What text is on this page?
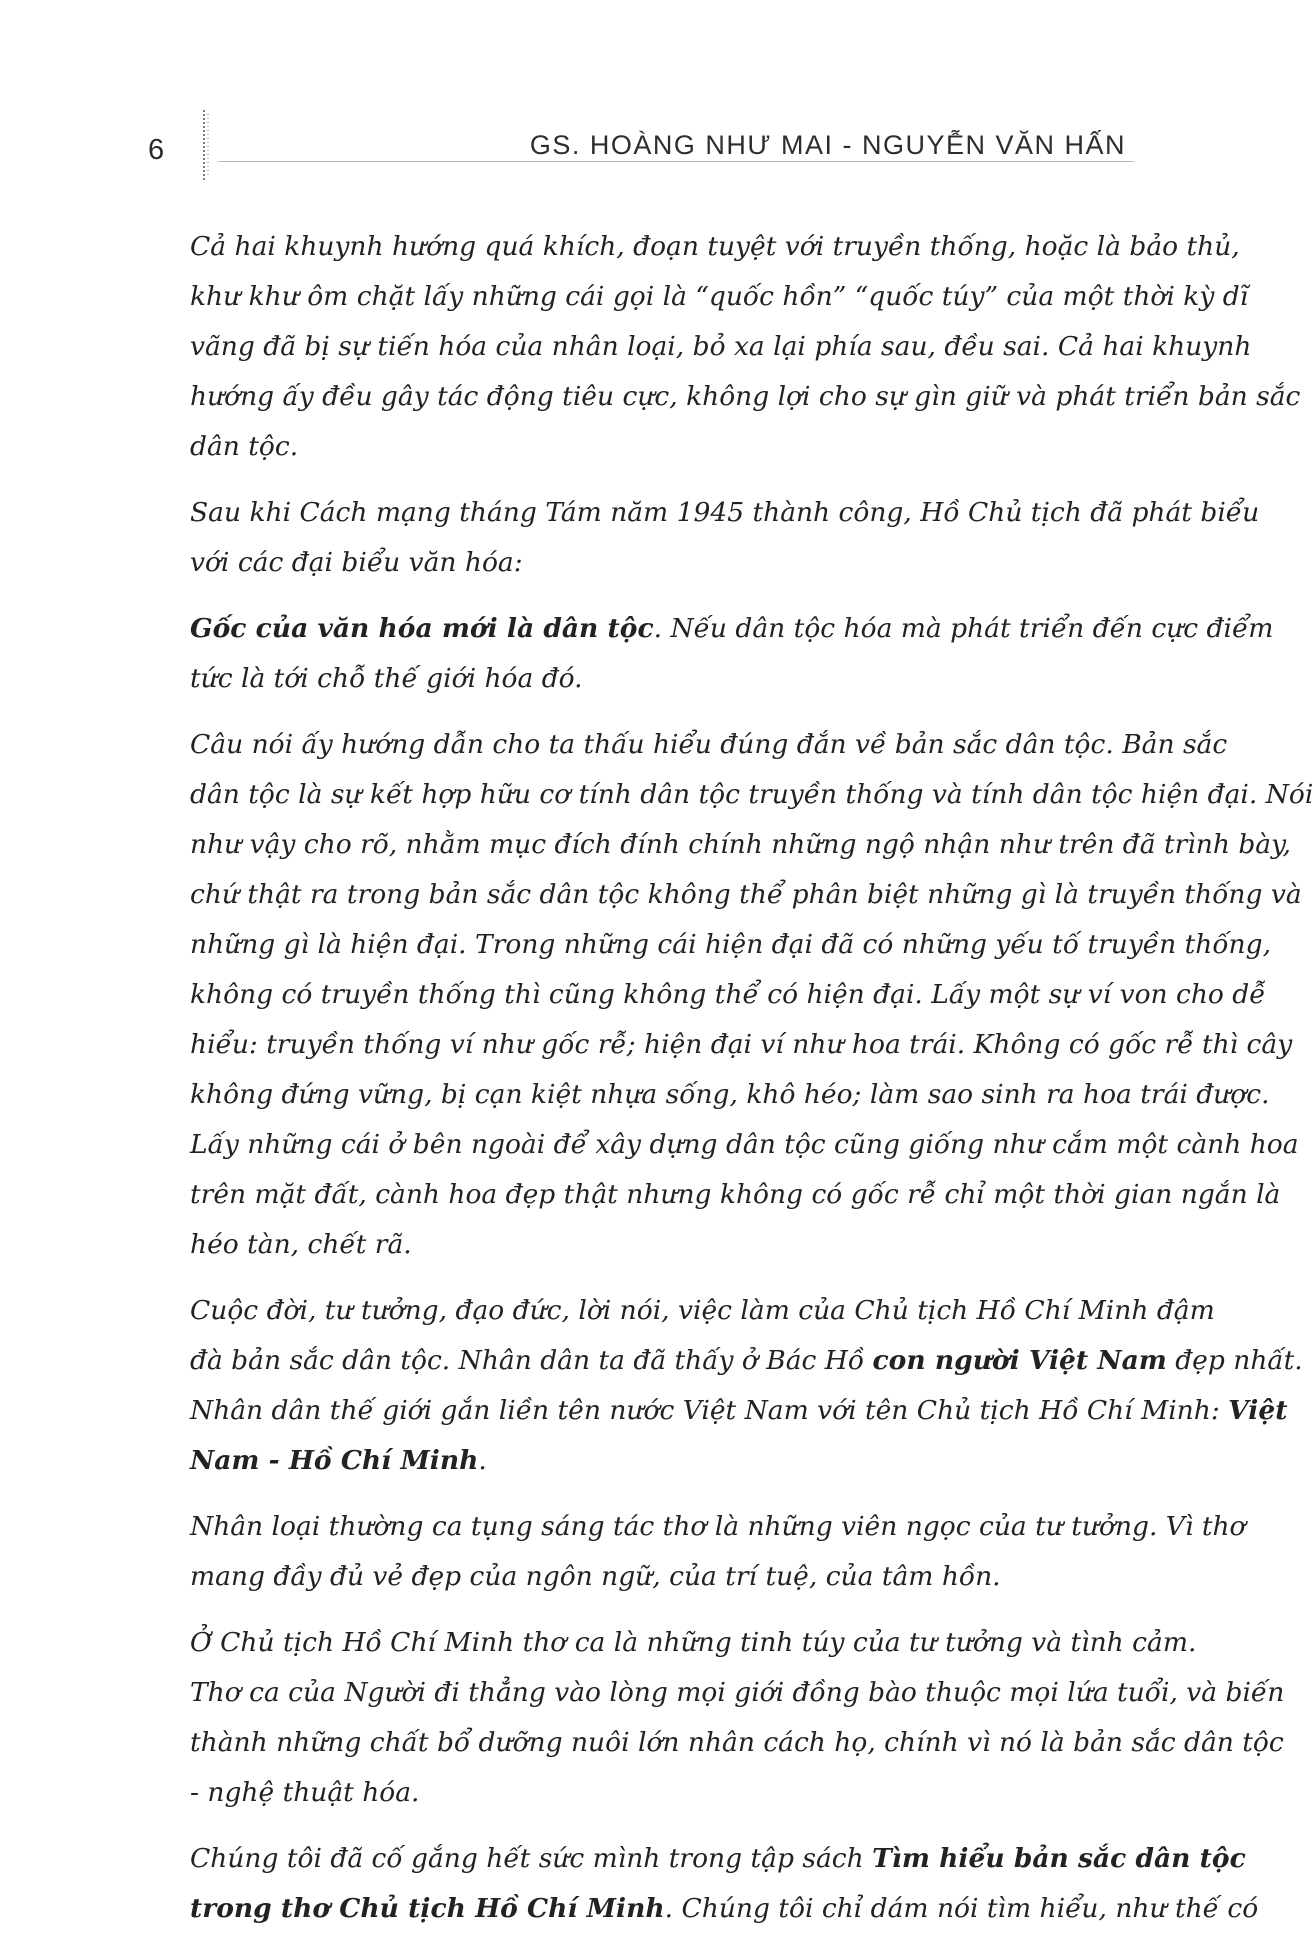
6	GS. HOÀNG NHƯ MAI - NGUYỄN VĂN HẤN

Cả hai khuynh hướng quá khích, đoạn tuyệt với truyền thống, hoặc là bảo thủ,
khư khư ôm chặt lấy những cái gọi là “quốc hồn” “quốc túy” của một thời kỳ dĩ
vãng đã bị sự tiến hóa của nhân loại, bỏ xa lại phía sau, đều sai. Cả hai khuynh
hướng ấy đều gây tác động tiêu cực, không lợi cho sự gìn giữ và phát triển bản sắc
dân tộc.

Sau khi Cách mạng tháng Tám năm 1945 thành công, Hồ Chủ tịch đã phát biểu
với các đại biểu văn hóa:

Gốc của văn hóa mới là dân tộc. Nếu dân tộc hóa mà phát triển đến cực điểm
tức là tới chỗ thế giới hóa đó.

Câu nói ấy hướng dẫn cho ta thấu hiểu đúng đắn về bản sắc dân tộc. Bản sắc
dân tộc là sự kết hợp hữu cơ tính dân tộc truyền thống và tính dân tộc hiện đại. Nói
như vậy cho rõ, nhằm mục đích đính chính những ngộ nhận như trên đã trình bày,
chứ thật ra trong bản sắc dân tộc không thể phân biệt những gì là truyền thống và
những gì là hiện đại. Trong những cái hiện đại đã có những yếu tố truyền thống,
không có truyền thống thì cũng không thể có hiện đại. Lấy một sự ví von cho dễ
hiểu: truyền thống ví như gốc rễ; hiện đại ví như hoa trái. Không có gốc rễ thì cây
không đứng vững, bị cạn kiệt nhựa sống, khô héo; làm sao sinh ra hoa trái được.
Lấy những cái ở bên ngoài để xây dựng dân tộc cũng giống như cắm một cành hoa
trên mặt đất, cành hoa đẹp thật nhưng không có gốc rễ chỉ một thời gian ngắn là
héo tàn, chết rã.

Cuộc đời, tư tưởng, đạo đức, lời nói, việc làm của Chủ tịch Hồ Chí Minh đậm
đà bản sắc dân tộc. Nhân dân ta đã thấy ở Bác Hồ con người Việt Nam đẹp nhất.
Nhân dân thế giới gắn liền tên nước Việt Nam với tên Chủ tịch Hồ Chí Minh: Việt
Nam - Hồ Chí Minh.

Nhân loại thường ca tụng sáng tác thơ là những viên ngọc của tư tưởng. Vì thơ
mang đầy đủ vẻ đẹp của ngôn ngữ, của trí tuệ, của tâm hồn.

Ở Chủ tịch Hồ Chí Minh thơ ca là những tinh túy của tư tưởng và tình cảm.
Thơ ca của Người đi thẳng vào lòng mọi giới đồng bào thuộc mọi lứa tuổi, và biến
thành những chất bổ dưỡng nuôi lớn nhân cách họ, chính vì nó là bản sắc dân tộc
- nghệ thuật hóa.

Chúng tôi đã cố gắng hết sức mình trong tập sách Tìm hiểu bản sắc dân tộc
trong thơ Chủ tịch Hồ Chí Minh. Chúng tôi chỉ dám nói tìm hiểu, như thế có
